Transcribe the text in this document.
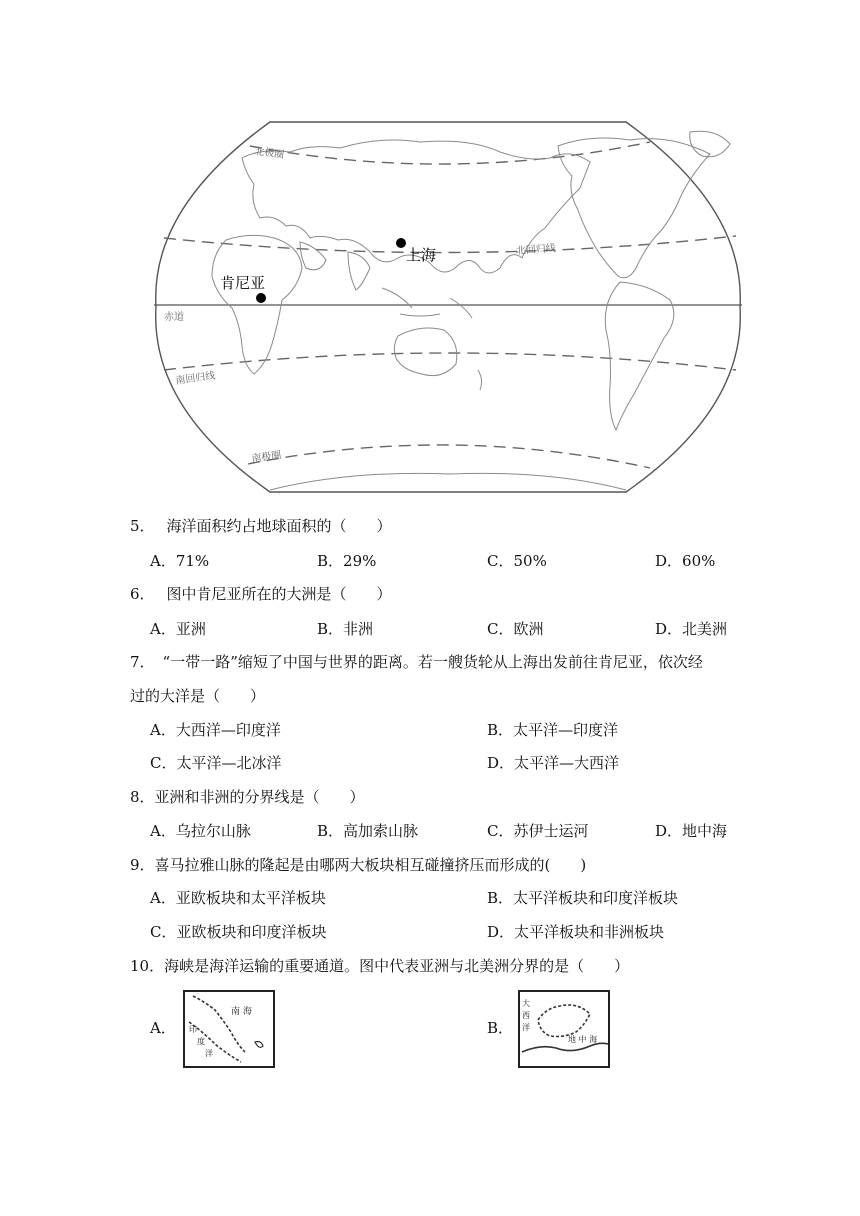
北极圈
北回归线
赤道
南回归线
南极圈
上海
肯尼亚
5． 海洋面积约占地球面积的（　　）
A．71%	B．29%	C．50%	D．60%
6． 图中肯尼亚所在的大洲是（　　）
A．亚洲	B．非洲	C．欧洲	D．北美洲
7． “一带一路”缩短了中国与世界的距离。若一艘货轮从上海出发前往肯尼亚，依次经
过的大洋是（　　）
A．大西洋—印度洋	B．太平洋—印度洋
C．太平洋—北冰洋	D．太平洋—大西洋
8．亚洲和非洲的分界线是（　　）
A．乌拉尔山脉	B．高加索山脉	C．苏伊士运河	D．地中海
9．喜马拉雅山脉的隆起是由哪两大板块相互碰撞挤压而形成的(　　)
A．亚欧板块和太平洋板块	B．太平洋板块和印度洋板块
C．亚欧板块和印度洋板块	D．太平洋板块和非洲板块
10．海峡是海洋运输的重要通道。图中代表亚洲与北美洲分界的是（　　）
A．
南 海
印
度
洋
B．
大
西
洋
地 中 海
